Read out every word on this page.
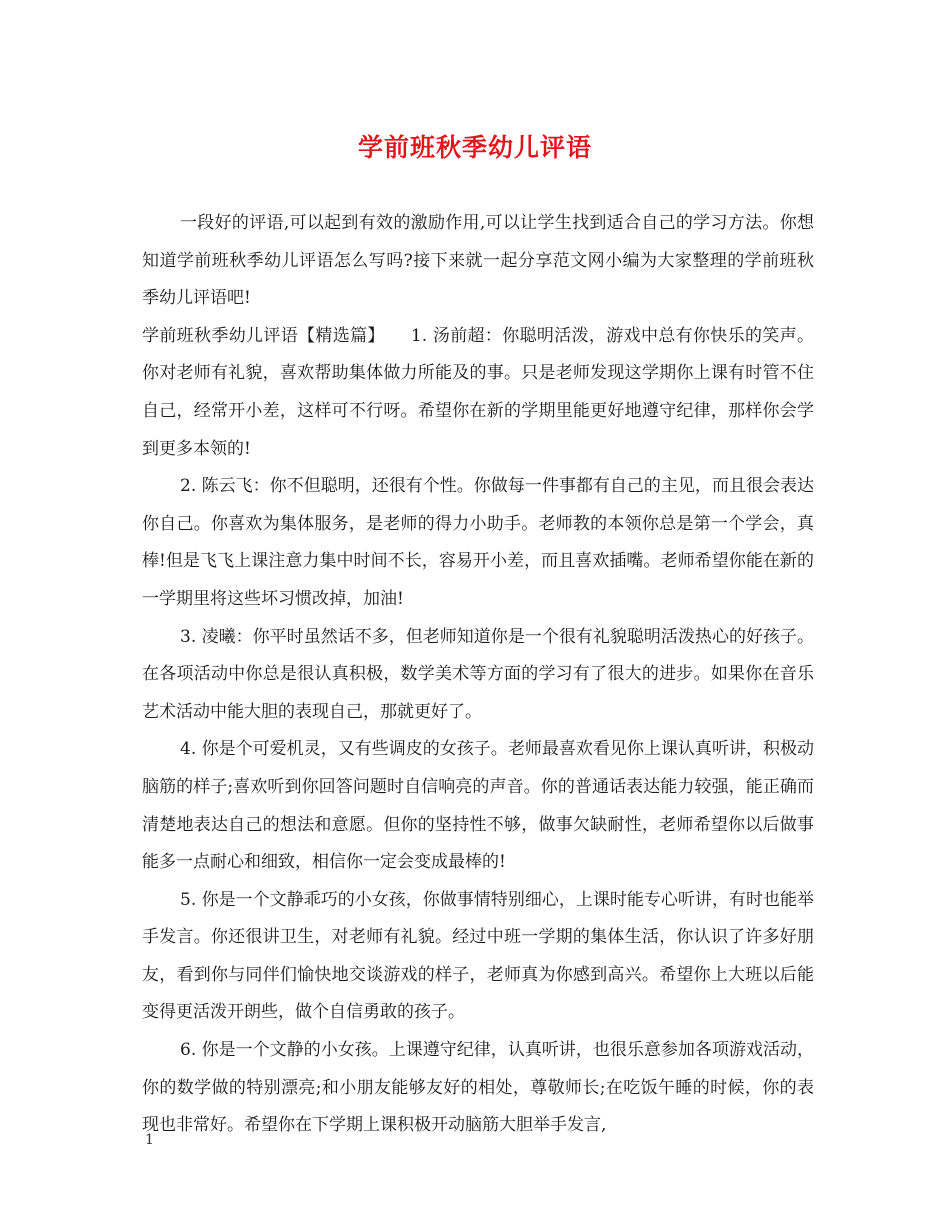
学前班秋季幼儿评语

一段好的评语,可以起到有效的激励作用,可以让学生找到适合自己的学习方法。你想知道学前班秋季幼儿评语怎么写吗?接下来就一起分享范文网小编为大家整理的学前班秋季幼儿评语吧!

学前班秋季幼儿评语【精选篇】　　1. 汤前超：你聪明活泼，游戏中总有你快乐的笑声。你对老师有礼貌，喜欢帮助集体做力所能及的事。只是老师发现这学期你上课有时管不住自己，经常开小差，这样可不行呀。希望你在新的学期里能更好地遵守纪律，那样你会学到更多本领的!

2. 陈云飞：你不但聪明，还很有个性。你做每一件事都有自己的主见，而且很会表达你自己。你喜欢为集体服务，是老师的得力小助手。老师教的本领你总是第一个学会，真棒!但是飞飞上课注意力集中时间不长，容易开小差，而且喜欢插嘴。老师希望你能在新的一学期里将这些坏习惯改掉，加油!

3. 凌曦：你平时虽然话不多，但老师知道你是一个很有礼貌聪明活泼热心的好孩子。在各项活动中你总是很认真积极，数学美术等方面的学习有了很大的进步。如果你在音乐艺术活动中能大胆的表现自己，那就更好了。

4. 你是个可爱机灵，又有些调皮的女孩子。老师最喜欢看见你上课认真听讲，积极动脑筋的样子;喜欢听到你回答问题时自信响亮的声音。你的普通话表达能力较强，能正确而清楚地表达自己的想法和意愿。但你的坚持性不够，做事欠缺耐性，老师希望你以后做事能多一点耐心和细致，相信你一定会变成最棒的!

5. 你是一个文静乖巧的小女孩，你做事情特别细心，上课时能专心听讲，有时也能举手发言。你还很讲卫生，对老师有礼貌。经过中班一学期的集体生活，你认识了许多好朋友，看到你与同伴们愉快地交谈游戏的样子，老师真为你感到高兴。希望你上大班以后能变得更活泼开朗些，做个自信勇敢的孩子。

6. 你是一个文静的小女孩。上课遵守纪律，认真听讲，也很乐意参加各项游戏活动，你的数学做的特别漂亮;和小朋友能够友好的相处，尊敬师长;在吃饭午睡的时候，你的表现也非常好。希望你在下学期上课积极开动脑筋大胆举手发言,

1
